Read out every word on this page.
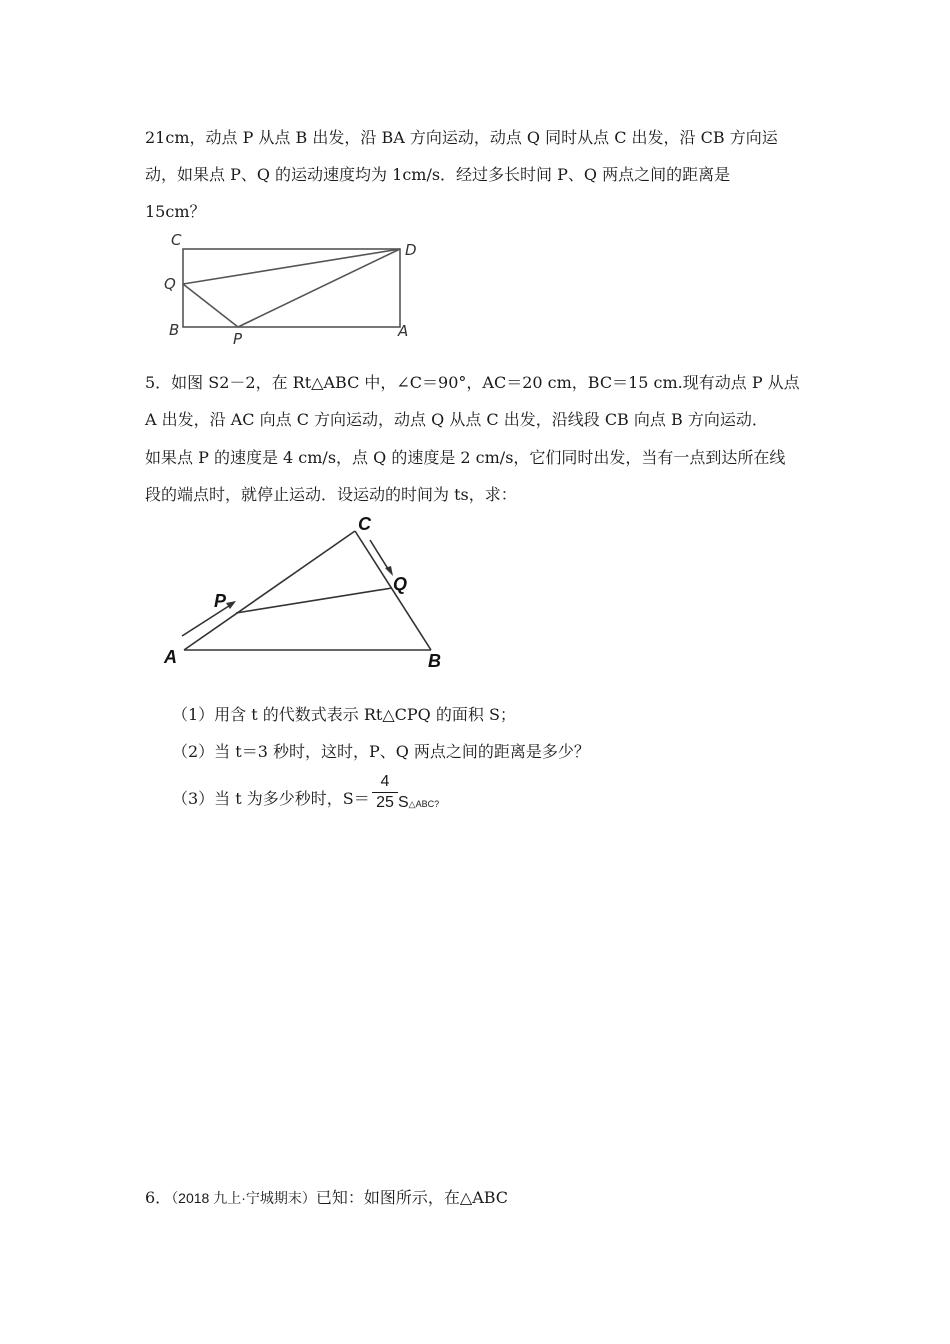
21cm，动点 P 从点 B 出发，沿 BA 方向运动，动点 Q 同时从点 C 出发，沿 CB 方向运
动，如果点 P、Q 的运动速度均为 1cm/s．经过多长时间 P、Q 两点之间的距离是
15cm？
C
D
Q
B	P	A
C
Q
P
A	B
5．如图 S2－2，在 Rt△ABC 中，∠C＝90°，AC＝20 cm，BC＝15 cm.现有动点 P 从点
A 出发，沿 AC 向点 C 方向运动，动点 Q 从点 C 出发，沿线段 CB 向点 B 方向运动．
如果点 P 的速度是 4 cm/s，点 Q 的速度是 2 cm/s，它们同时出发，当有一点到达所在线
段的端点时，就停止运动．设运动的时间为 ts，求：
（1）用含 t 的代数式表示 Rt△CPQ 的面积 S；
（2）当 t＝3 秒时，这时，P、Q 两点之间的距离是多少？
（3）当 t 为多少秒时，S＝
4
25 S△ABC?
6．（2018 九上·宁城期末）已知：如图所示，在△ABC
